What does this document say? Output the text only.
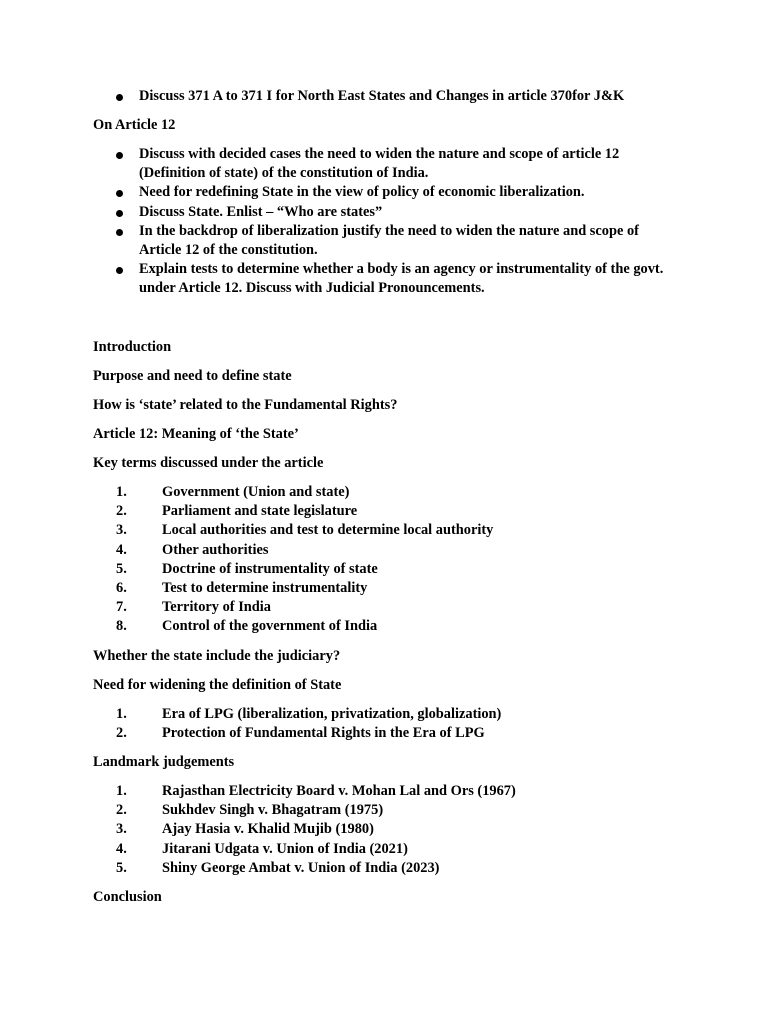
Discuss 371 A to 371 I for North East States and Changes in article 370for J&K
On Article 12
Discuss with decided cases the need to widen the nature and scope of article 12 (Definition of state) of the constitution of India.
Need for redefining State in the view of policy of economic liberalization.
Discuss State. Enlist – “Who are states”
In the backdrop of liberalization justify the need to widen the nature and scope of Article 12 of the constitution.
Explain tests to determine whether a body is an agency or instrumentality of the govt. under Article 12. Discuss with Judicial Pronouncements.
Introduction
Purpose and need to define state
How is ‘state’ related to the Fundamental Rights?
Article 12: Meaning of ‘the State’
Key terms discussed under the article
1. Government (Union and state)
2. Parliament and state legislature
3. Local authorities and test to determine local authority
4. Other authorities
5. Doctrine of instrumentality of state
6. Test to determine instrumentality
7. Territory of India
8. Control of the government of India
Whether the state include the judiciary?
Need for widening the definition of State
1. Era of LPG (liberalization, privatization, globalization)
2. Protection of Fundamental Rights in the Era of LPG
Landmark judgements
1. Rajasthan Electricity Board v. Mohan Lal and Ors (1967)
2. Sukhdev Singh v. Bhagatram (1975)
3. Ajay Hasia v. Khalid Mujib (1980)
4. Jitarani Udgata v. Union of India (2021)
5. Shiny George Ambat v. Union of India (2023)
Conclusion
